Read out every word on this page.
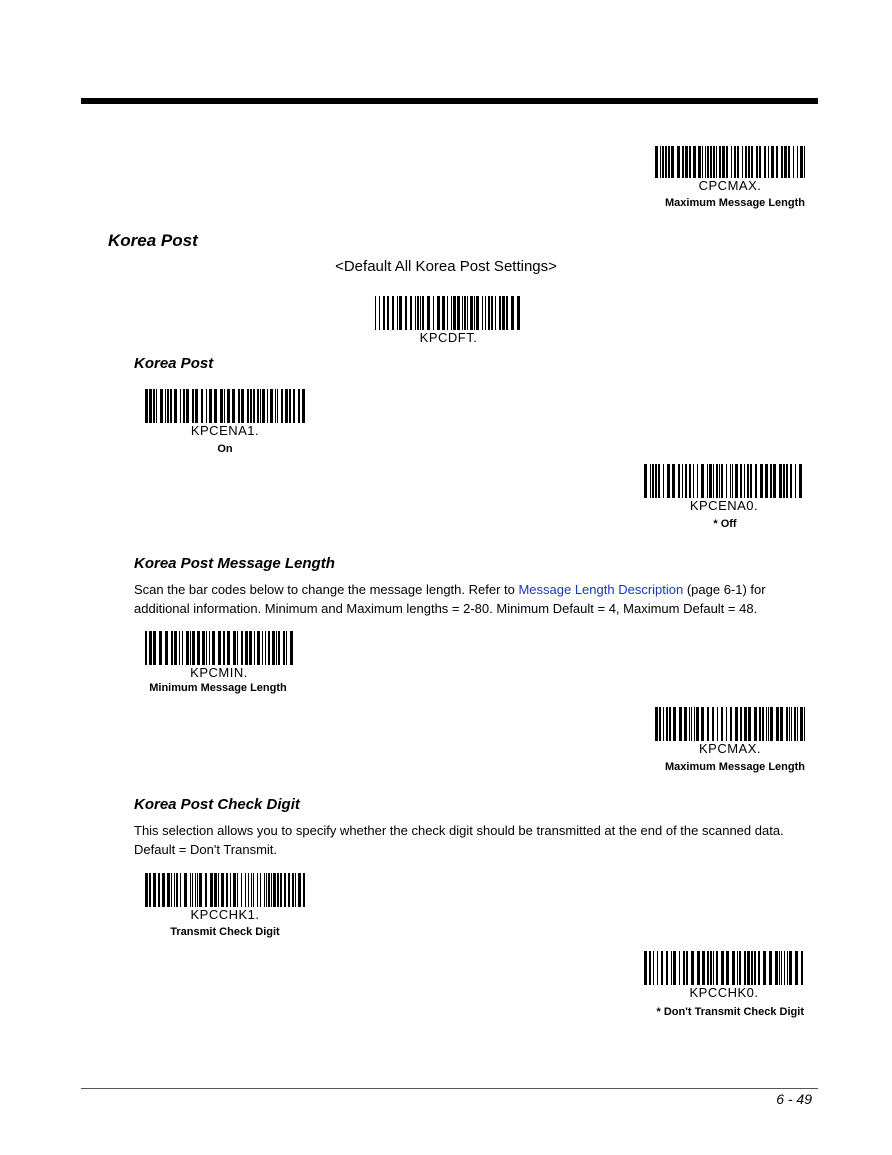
CPCMAX.
Maximum Message Length
Korea Post
<Default All Korea Post Settings>
KPCDFT.
Korea Post
KPCENA1.
On
KPCENA0.
* Off
Korea Post Message Length
Scan the bar codes below to change the message length. Refer to Message Length Description (page 6-1) for additional information. Minimum and Maximum lengths = 2-80. Minimum Default = 4, Maximum Default = 48.
KPCMIN.
Minimum Message Length
KPCMAX.
Maximum Message Length
Korea Post Check Digit
This selection allows you to specify whether the check digit should be transmitted at the end of the scanned data. Default = Don't Transmit.
KPCCHK1.
Transmit Check Digit
KPCCHK0.
* Don't Transmit Check Digit
6 - 49
